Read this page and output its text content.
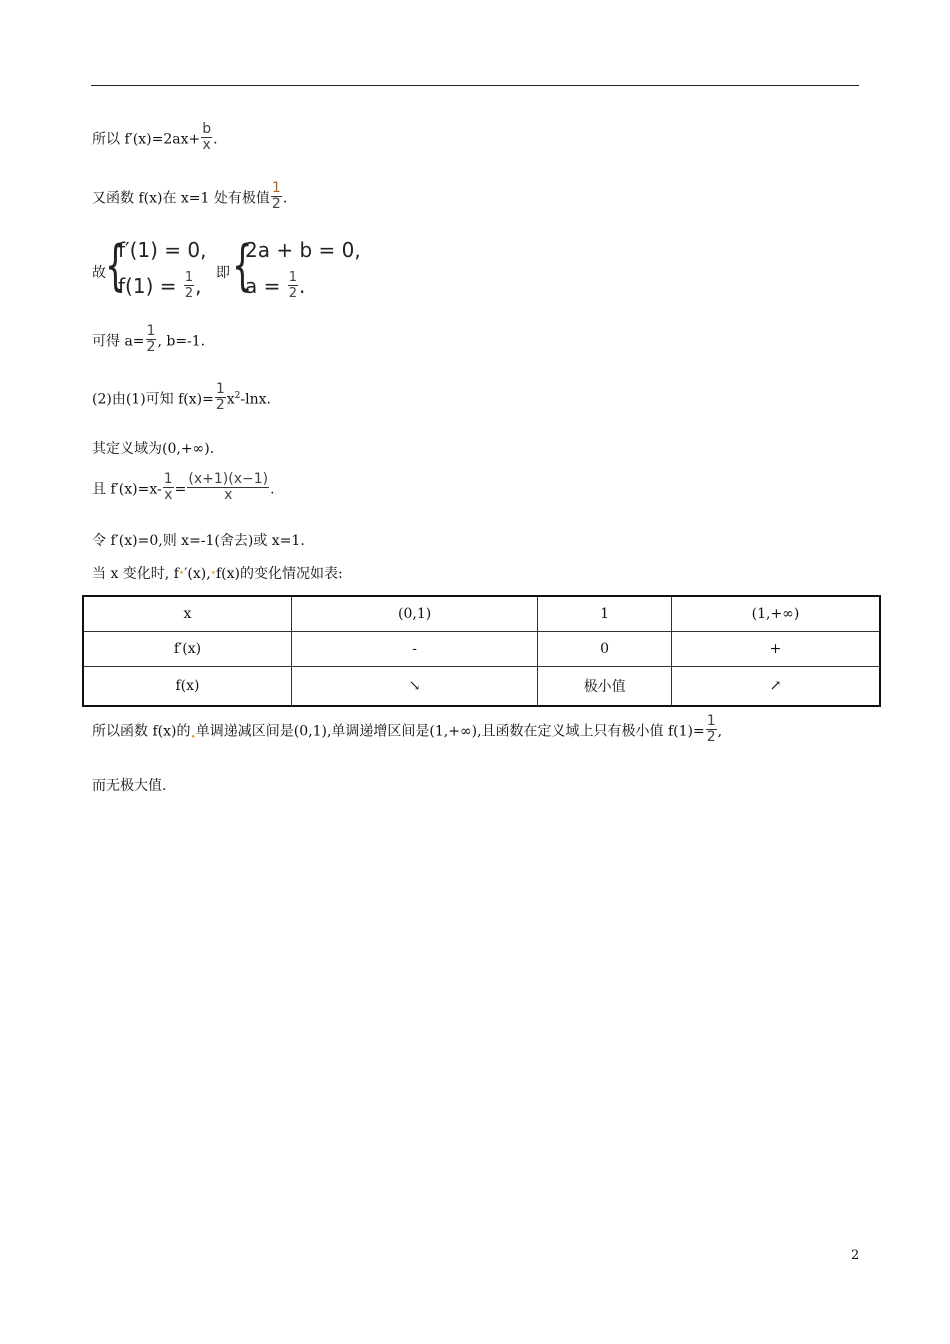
所以 $f'(x)=2ax+ \frac{b}{x}$ .
又函数 f(x)在 x=1 处有极值 $\frac{1}{2}$ .
故 {
f′(1) = 0,
$f(1) = \frac{1}{2}$ ,
即 {
2a + b = 0,
$a = \frac{1}{2}$ .
可得 $a= \frac{1}{2}$ , b=-1.
(2)由(1)可知 $f(x)= \frac{1}{2} x^2-\ln x$.
其定义域为(0,+∞).
且 $f'(x)=x- \frac{1}{x} = \frac{(x+1)(x-1)}{x}$ .
令 f′(x)=0,则 x=-1(舍去)或 x=1.
当 x 变化时, f•′(x),•f(x)的变化情况如表:
x	(0,1)	1	(1,+∞)
f′(x)	-	0	+
f(x)	↘	极小值	↗
所以函数 f(x)的•单调递减区间是(0,1),单调递增区间是(1,+∞),且函数在定义域上只有极小值 $f(1)= \frac{1}{2}$ ,
而无极大值.
2
